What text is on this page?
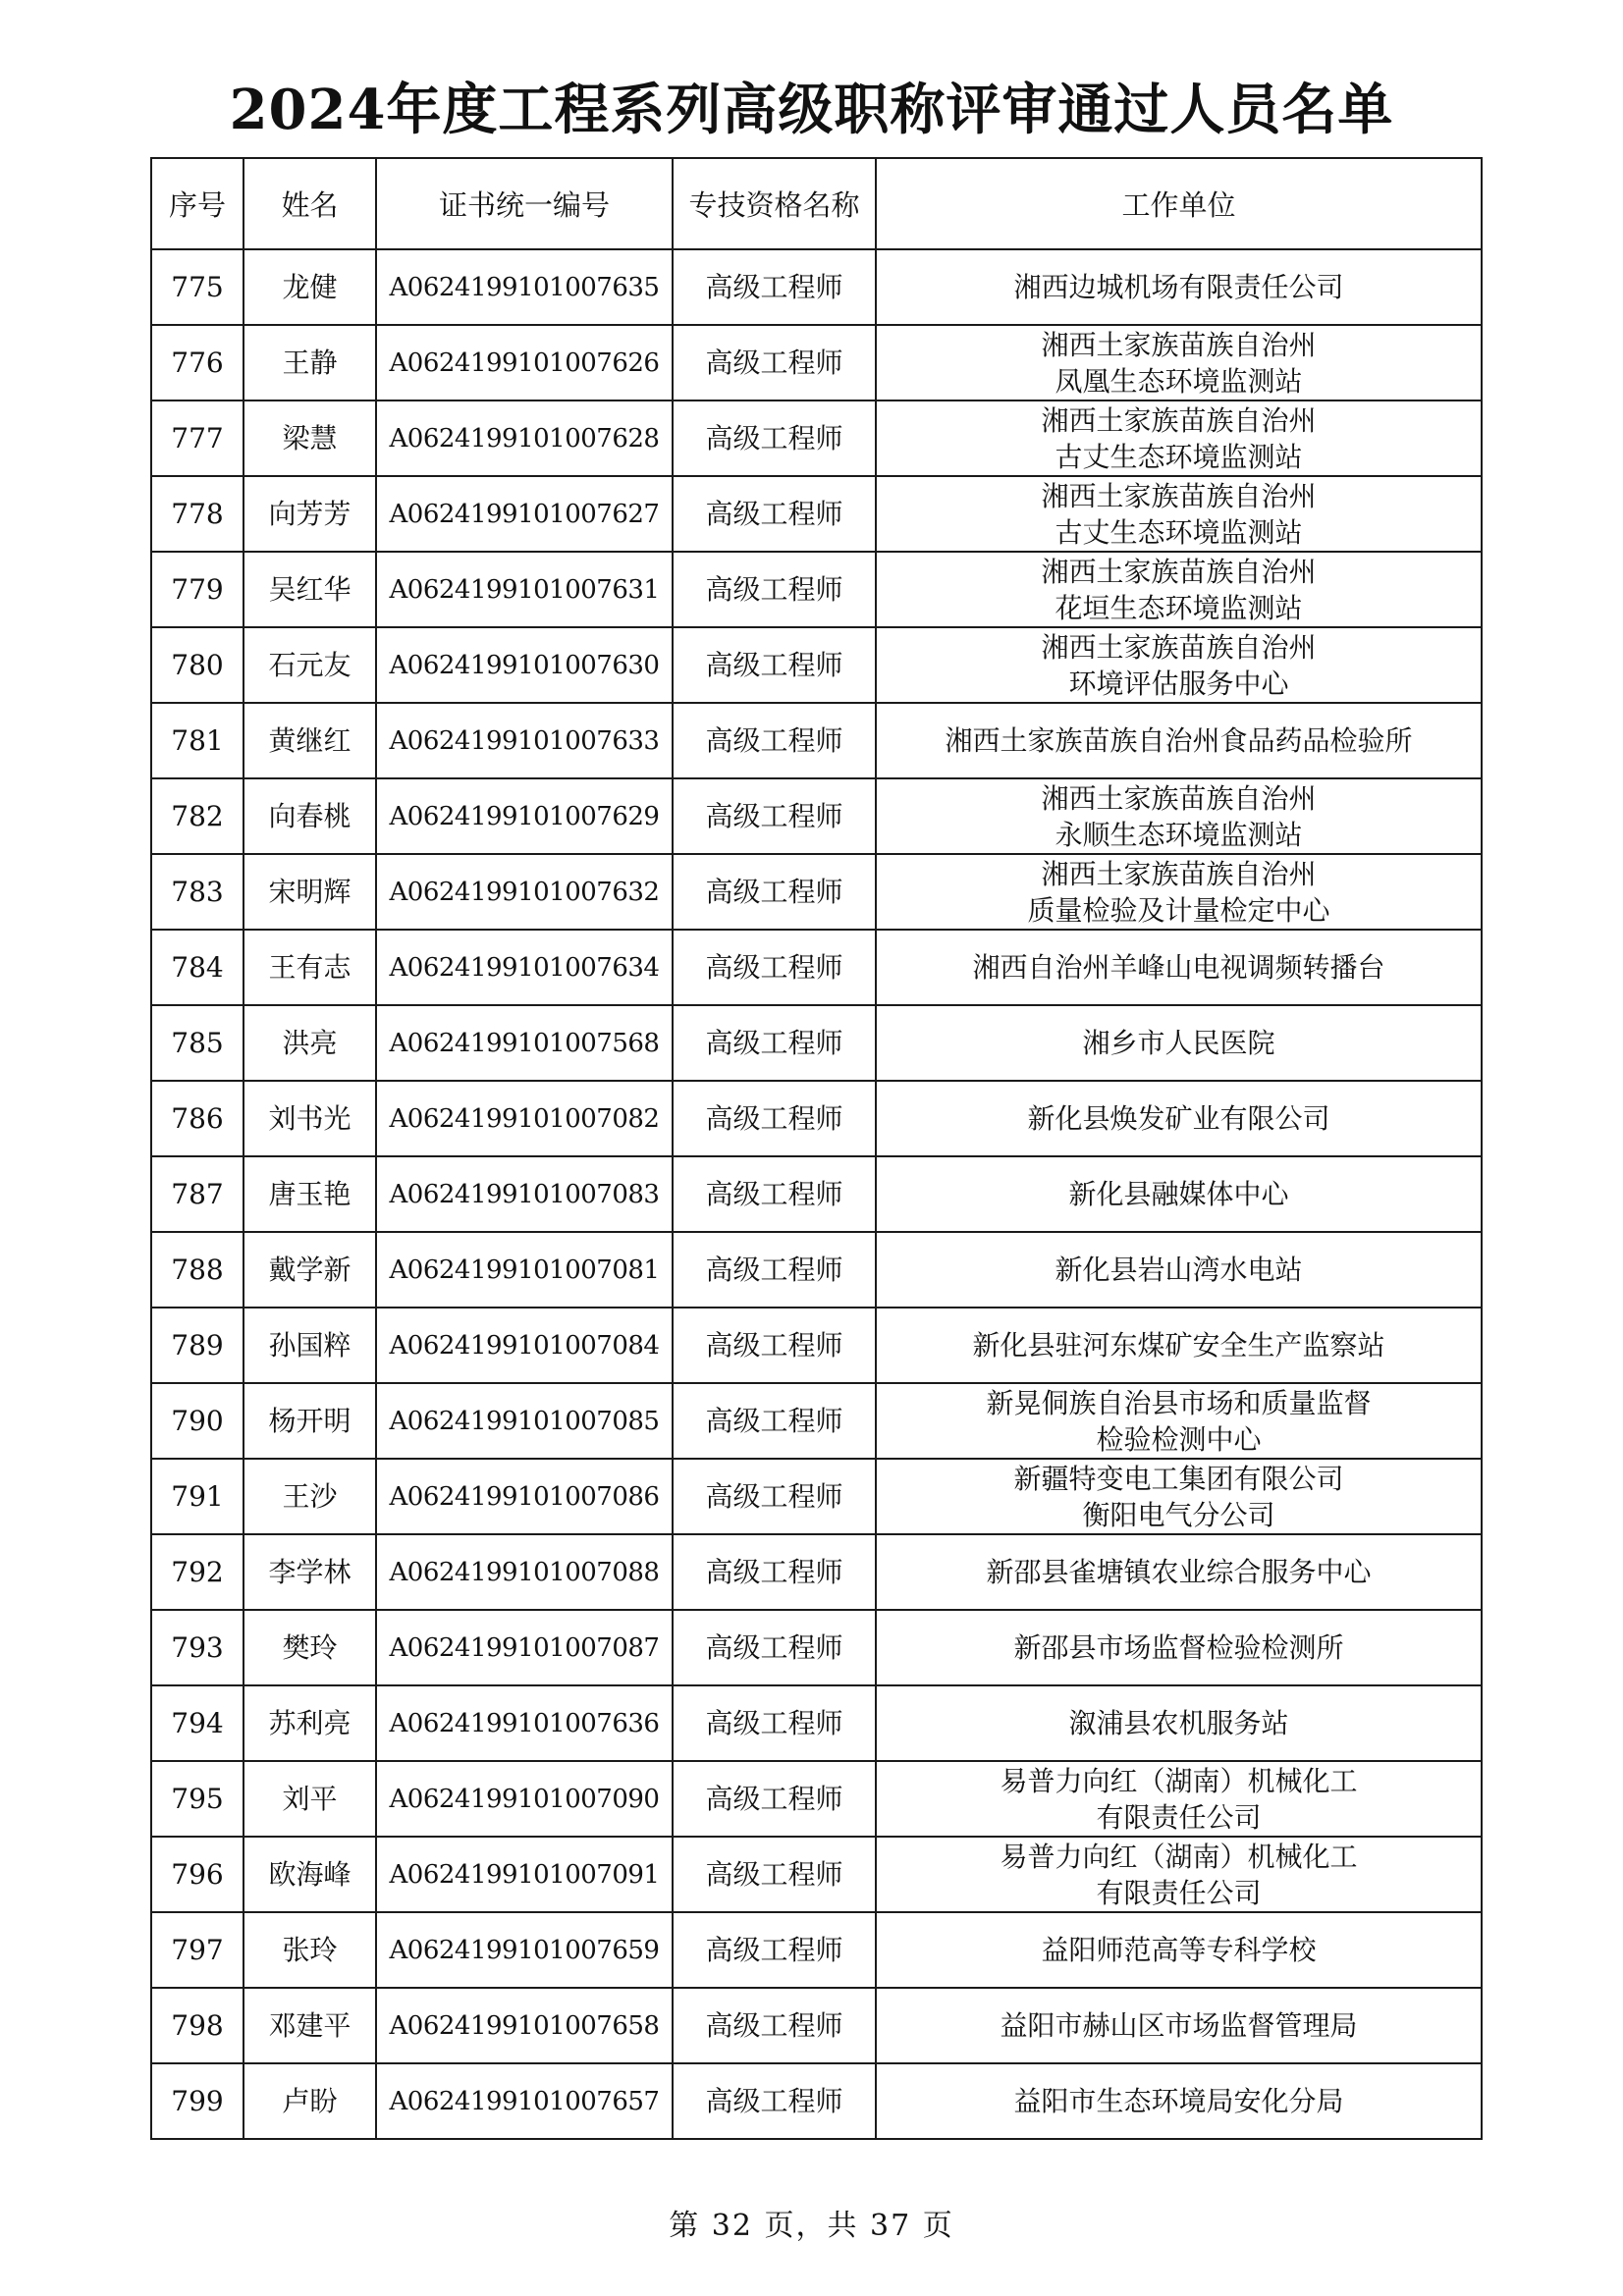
2024年度工程系列高级职称评审通过人员名单
序号	姓名	证书统一编号	专技资格名称	工作单位
775	龙健	A0624199101007635	高级工程师	湘西边城机场有限责任公司

776	王静	A0624199101007626	高级工程师	湘西土家族苗族自治州
凤凰生态环境监测站

777	梁慧	A0624199101007628	高级工程师	湘西土家族苗族自治州
古丈生态环境监测站

778	向芳芳	A0624199101007627	高级工程师	湘西土家族苗族自治州
古丈生态环境监测站

779	吴红华	A0624199101007631	高级工程师	湘西土家族苗族自治州
花垣生态环境监测站

780	石元友	A0624199101007630	高级工程师	湘西土家族苗族自治州
环境评估服务中心

781	黄继红	A0624199101007633	高级工程师	湘西土家族苗族自治州食品药品检验所

782	向春桃	A0624199101007629	高级工程师	湘西土家族苗族自治州
永顺生态环境监测站

783	宋明辉	A0624199101007632	高级工程师	湘西土家族苗族自治州
质量检验及计量检定中心

784	王有志	A0624199101007634	高级工程师	湘西自治州羊峰山电视调频转播台

785	洪亮	A0624199101007568	高级工程师	湘乡市人民医院

786	刘书光	A0624199101007082	高级工程师	新化县焕发矿业有限公司

787	唐玉艳	A0624199101007083	高级工程师	新化县融媒体中心

788	戴学新	A0624199101007081	高级工程师	新化县岩山湾水电站

789	孙国粹	A0624199101007084	高级工程师	新化县驻河东煤矿安全生产监察站

790	杨开明	A0624199101007085	高级工程师	新晃侗族自治县市场和质量监督
检验检测中心

791	王沙	A0624199101007086	高级工程师	新疆特变电工集团有限公司
衡阳电气分公司

792	李学林	A0624199101007088	高级工程师	新邵县雀塘镇农业综合服务中心

793	樊玲	A0624199101007087	高级工程师	新邵县市场监督检验检测所

794	苏利亮	A0624199101007636	高级工程师	溆浦县农机服务站

795	刘平	A0624199101007090	高级工程师	易普力向红（湖南）机械化工
有限责任公司

796	欧海峰	A0624199101007091	高级工程师	易普力向红（湖南）机械化工
有限责任公司

797	张玲	A0624199101007659	高级工程师	益阳师范高等专科学校

798	邓建平	A0624199101007658	高级工程师	益阳市赫山区市场监督管理局

799	卢盼	A0624199101007657	高级工程师	益阳市生态环境局安化分局
第 32 页，共 37 页
